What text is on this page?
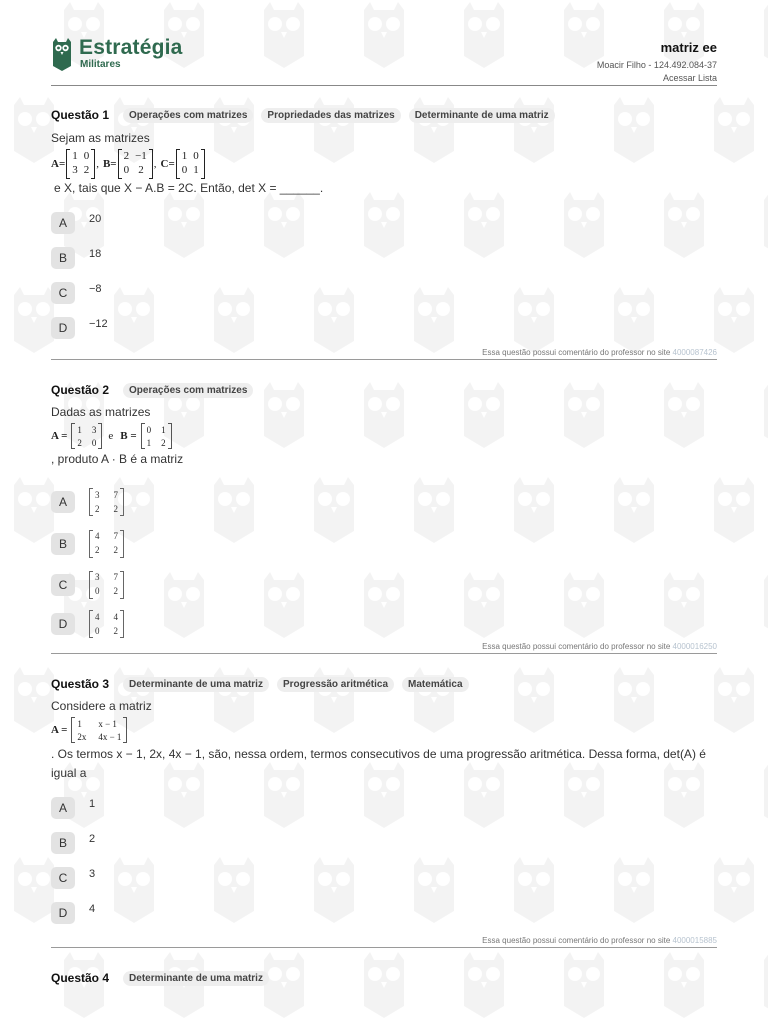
Estratégia
Militares
matriz ee
Moacir Filho - 124.492.084-37
Acessar Lista
Questão 1	Operações com matrizes	Propriedades das matrizes	Determinante de uma matriz
Sejam as matrizes
A=
1 0
3 2
, B=
2 −1
0 2
, C=
1 0
0 1
e X, tais que X − A.B = 2C. Então, det X = ______.
A	20
B	18
C	−8
D	−12
Essa questão possui comentário do professor no site 4000087426
Questão 2	Operações com matrizes
Dadas as matrizes
A =
1 3
2 0
e B =
0 1
1 2
, produto A · B é a matriz
A
3 7
2 2
B
4 7
2 2
C
3 7
0 2
D
4 4
0 2
Essa questão possui comentário do professor no site 4000016250
Questão 3	Determinante de uma matriz	Progressão aritmética	Matemática
Considere a matriz
A =
1	x − 1
2x 4x − 1
. Os termos x − 1, 2x, 4x − 1, são, nessa ordem, termos consecutivos de uma progressão aritmética. Dessa forma, det(A) é igual a
A	1
B	2
C	3
D	4
Essa questão possui comentário do professor no site 4000015885
Questão 4	Determinante de uma matriz
